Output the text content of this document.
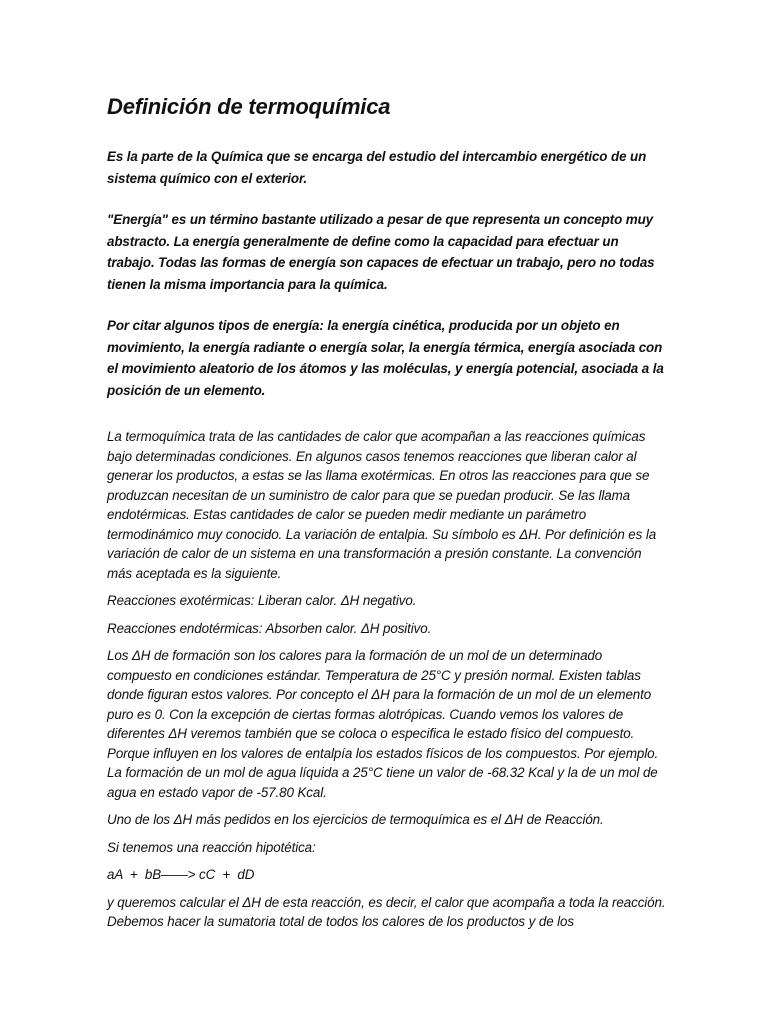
Definición de termoquímica

Es la parte de la Química que se encarga del estudio del intercambio energético de un sistema químico con el exterior.

"Energía" es un término bastante utilizado a pesar de que representa un concepto muy abstracto. La energía generalmente de define como la capacidad para efectuar un trabajo. Todas las formas de energía son capaces de efectuar un trabajo, pero no todas tienen la misma importancia para la química.

Por citar algunos tipos de energía: la energía cinética, producida por un objeto en movimiento, la energía radiante o energía solar, la energía térmica, energía asociada con el movimiento aleatorio de los átomos y las moléculas, y energía potencial, asociada a la posición de un elemento.

La termoquímica trata de las cantidades de calor que acompañan a las reacciones químicas bajo determinadas condiciones. En algunos casos tenemos reacciones que liberan calor al generar los productos, a estas se las llama exotérmicas. En otros las reacciones para que se produzcan necesitan de un suministro de calor para que se puedan producir. Se las llama endotérmicas. Estas cantidades de calor se pueden medir mediante un parámetro termodinámico muy conocido. La variación de entalpia. Su símbolo es ΔH. Por definición es la variación de calor de un sistema en una transformación a presión constante. La convención más aceptada es la siguiente.

Reacciones exotérmicas: Liberan calor. ΔH negativo.

Reacciones endotérmicas: Absorben calor. ΔH positivo.

Los ΔH de formación son los calores para la formación de un mol de un determinado compuesto en condiciones estándar. Temperatura de 25°C y presión normal. Existen tablas donde figuran estos valores. Por concepto el ΔH para la formación de un mol de un elemento puro es 0. Con la excepción de ciertas formas alotrópicas. Cuando vemos los valores de diferentes ΔH veremos también que se coloca o especifica le estado físico del compuesto. Porque influyen en los valores de entalpía los estados físicos de los compuestos. Por ejemplo. La formación de un mol de agua líquida a 25°C tiene un valor de -68.32 Kcal y la de un mol de agua en estado vapor de -57.80 Kcal.

Uno de los ΔH más pedidos en los ejercicios de termoquímica es el ΔH de Reacción.

Si tenemos una reacción hipotética:

aA  +  bB——> cC  +  dD

y queremos calcular el ΔH de esta reacción, es decir, el calor que acompaña a toda la reacción. Debemos hacer la sumatoria total de todos los calores de los productos y de los
